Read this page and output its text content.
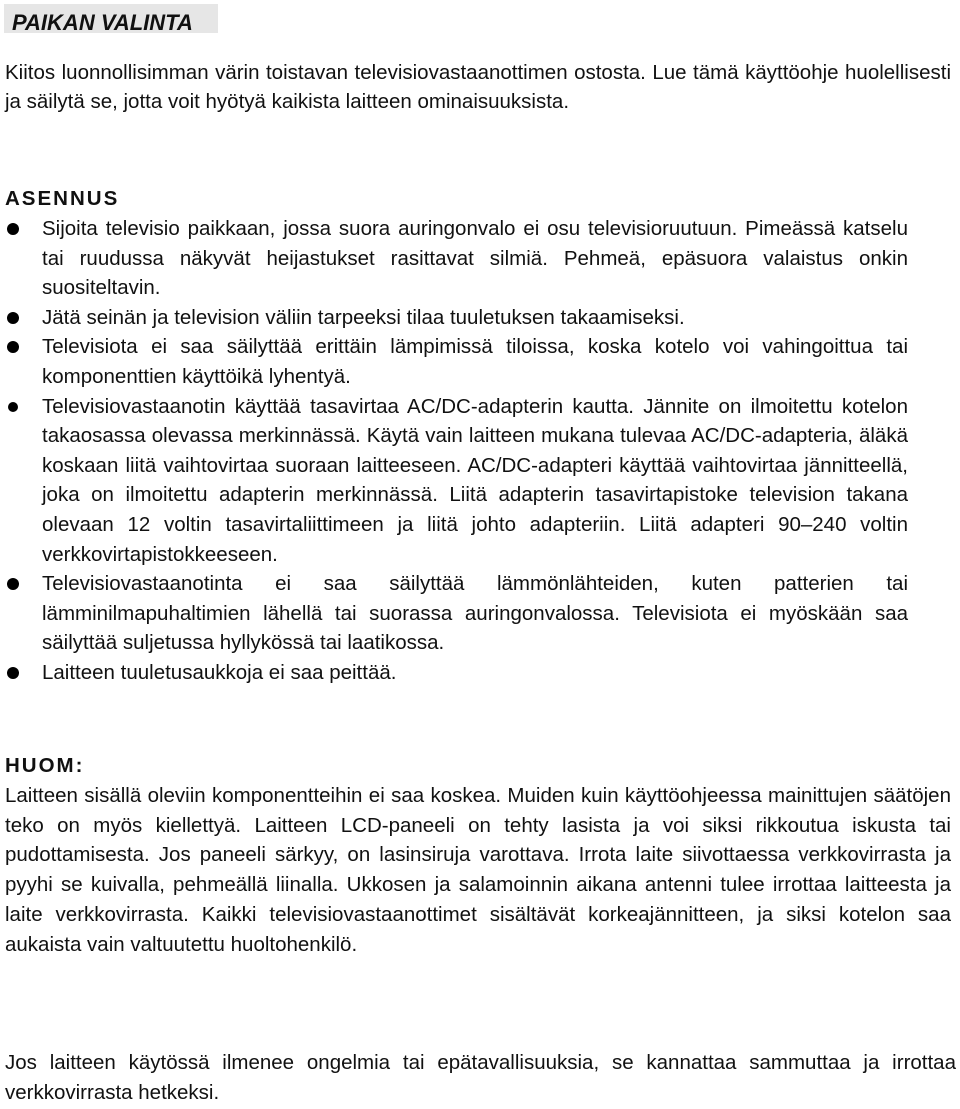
PAIKAN VALINTA

Kiitos luonnollisimman värin toistavan televisiovastaanottimen ostosta. Lue tämä käyttöohje huolellisesti ja säilytä se, jotta voit hyötyä kaikista laitteen ominaisuuksista.

ASENNUS
Sijoita televisio paikkaan, jossa suora auringonvalo ei osu televisioruutuun. Pimeässä katselu tai ruudussa näkyvät heijastukset rasittavat silmiä. Pehmeä, epäsuora valaistus onkin suositeltavin.
Jätä seinän ja television väliin tarpeeksi tilaa tuuletuksen takaamiseksi.
Televisiota ei saa säilyttää erittäin lämpimissä tiloissa, koska kotelo voi vahingoittua tai komponenttien käyttöikä lyhentyä.
Televisiovastaanotin käyttää tasavirtaa AC/DC-adapterin kautta. Jännite on ilmoitettu kotelon takaosassa olevassa merkinnässä. Käytä vain laitteen mukana tulevaa AC/DC-adapteria, äläkä koskaan liitä vaihtovirtaa suoraan laitteeseen. AC/DC-adapteri käyttää vaihtovirtaa jännitteellä, joka on ilmoitettu adapterin merkinnässä. Liitä adapterin tasavirtapistoke television takana olevaan 12 voltin tasavirtaliittimeen ja liitä johto adapteriin. Liitä adapteri 90–240 voltin verkkovirtapistokkeeseen.
Televisiovastaanotinta ei saa säilyttää lämmönlähteiden, kuten patterien tai lämminilmapuhaltimien lähellä tai suorassa auringonvalossa. Televisiota ei myöskään saa säilyttää suljetussa hyllykössä tai laatikossa.
Laitteen tuuletusaukkoja ei saa peittää.
HUOM:

Laitteen sisällä oleviin komponentteihin ei saa koskea. Muiden kuin käyttöohjeessa mainittujen säätöjen teko on myös kiellettyä. Laitteen LCD-paneeli on tehty lasista ja voi siksi rikkoutua iskusta tai pudottamisesta. Jos paneeli särkyy, on lasinsiruja varottava. Irrota laite siivottaessa verkkovirrasta ja pyyhi se kuivalla, pehmeällä liinalla. Ukkosen ja salamoinnin aikana antenni tulee irrottaa laitteesta ja laite verkkovirrasta. Kaikki televisiovastaanottimet sisältävät korkeajännitteen, ja siksi kotelon saa aukaista vain valtuutettu huoltohenkilö.

Jos laitteen käytössä ilmenee ongelmia tai epätavallisuuksia, se kannattaa sammuttaa ja irrottaa verkkovirrasta hetkeksi.
